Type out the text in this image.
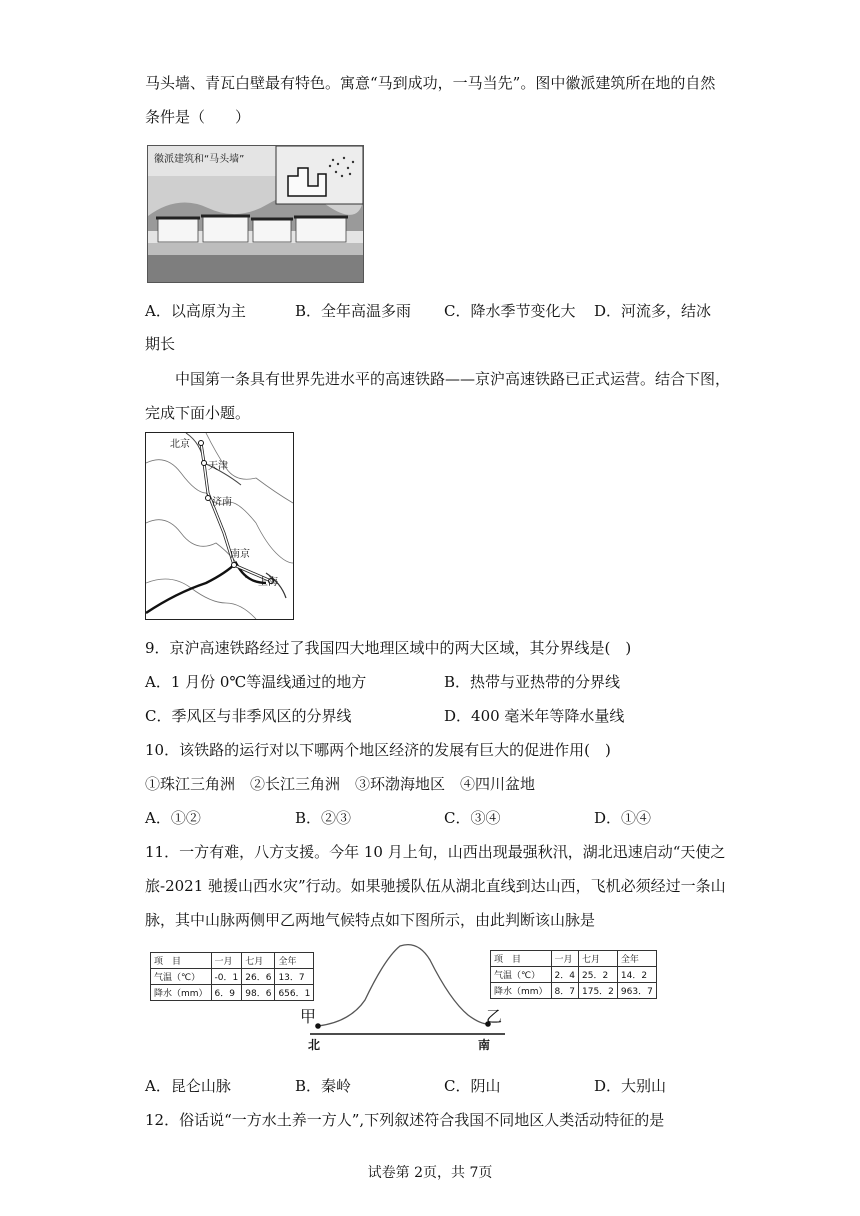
马头墙、青瓦白壁最有特色。寓意“马到成功，一马当先”。图中徽派建筑所在地的自然
条件是（　　）
徽派建筑和“马头墙”
A．以高原为主	B．全年高温多雨 C．降水季节变化大 D．河流多，结冰
期长
中国第一条具有世界先进水平的高速铁路——京沪高速铁路已正式运营。结合下图，
完成下面小题。
北京
天津
济南
南京
上海
9．京沪高速铁路经过了我国四大地理区域中的两大区域，其分界线是(　)
A．1 月份 0℃等温线通过的地方	B．热带与亚热带的分界线
C．季风区与非季风区的分界线	D．400 毫米年等降水量线
10．该铁路的运行对以下哪两个地区经济的发展有巨大的促进作用(　)
①珠江三角洲　②长江三角洲　③环渤海地区　④四川盆地
A．①②	B．②③	C．③④	D．①④
11．一方有难，八方支援。今年 10 月上旬，山西出现最强秋汛，湖北迅速启动“天使之
旅-2021 驰援山西水灾”行动。如果驰援队伍从湖北直线到达山西，飞机必须经过一条山
脉，其中山脉两侧甲乙两地气候特点如下图所示，由此判断该山脉是
项　目	一月	七月	全年
气温（℃）	-0．1	26．6	13．7
降水（mm）	6．9	98．6	656．1
项　目	一月	七月	全年
气温（℃）	2．4	25．2	14．2
降水（mm）	8．7	175．2	963．7
甲	乙
北	南
A．昆仑山脉	B．秦岭	C．阴山	D．大别山
12．俗话说“一方水土养一方人”,下列叙述符合我国不同地区人类活动特征的是
试卷第 2页，共 7页
